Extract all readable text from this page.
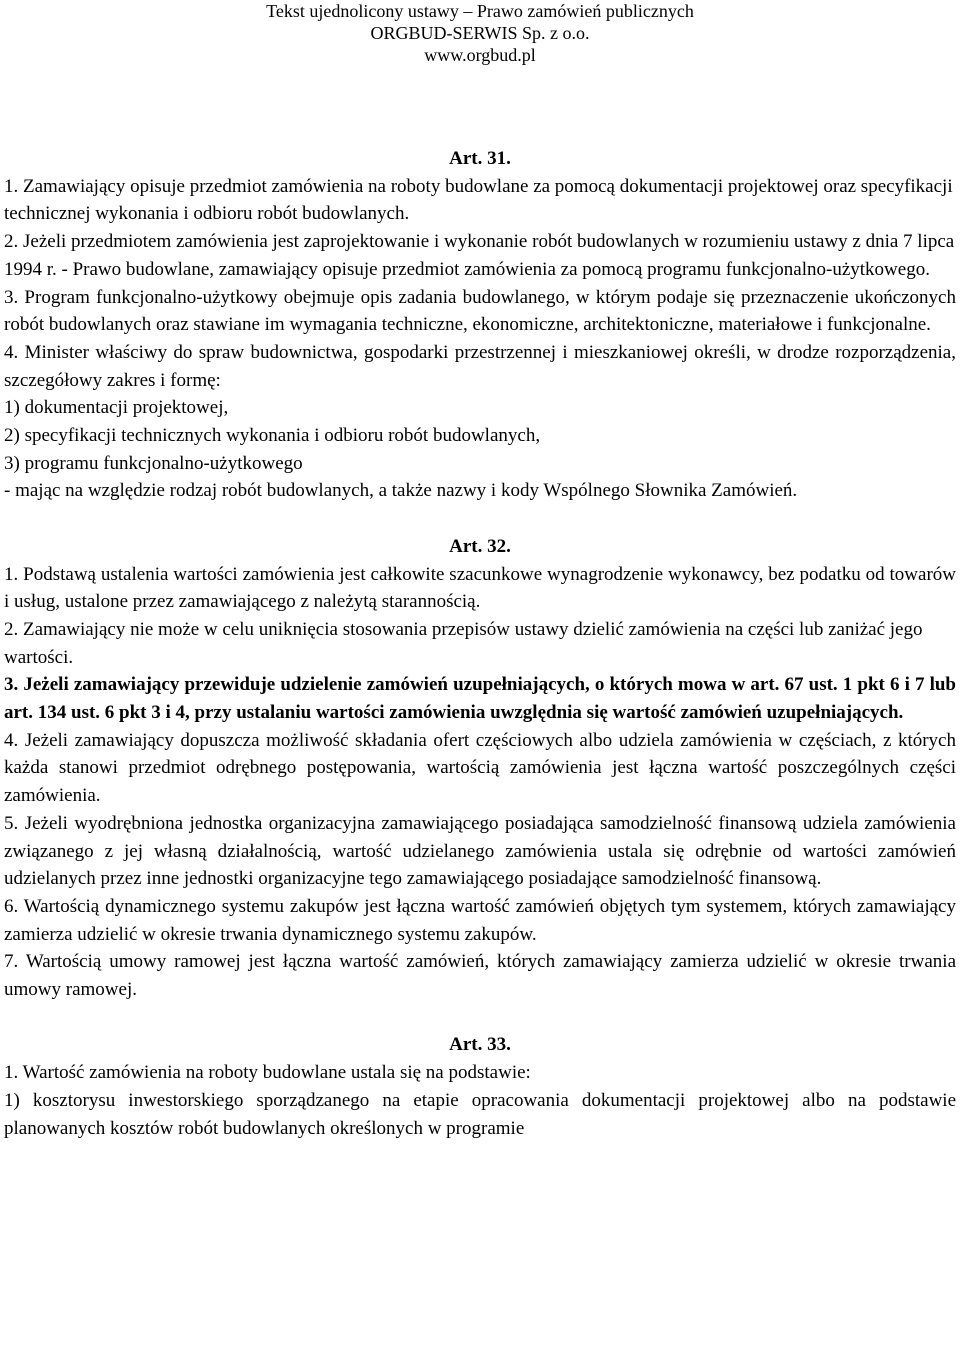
Tekst ujednolicony ustawy – Prawo zamówień publicznych
ORGBUD-SERWIS Sp. z o.o.
www.orgbud.pl

Art. 31.

1. Zamawiający opisuje przedmiot zamówienia na roboty budowlane za pomocą dokumentacji projektowej oraz specyfikacji technicznej wykonania i odbioru robót budowlanych.

2. Jeżeli przedmiotem zamówienia jest zaprojektowanie i wykonanie robót budowlanych w rozumieniu ustawy z dnia 7 lipca 1994 r. - Prawo budowlane, zamawiający opisuje przedmiot zamówienia za pomocą programu funkcjonalno-użytkowego.

3. Program funkcjonalno-użytkowy obejmuje opis zadania budowlanego, w którym podaje się przeznaczenie ukończonych robót budowlanych oraz stawiane im wymagania techniczne, ekonomiczne, architektoniczne, materiałowe i funkcjonalne.

4. Minister właściwy do spraw budownictwa, gospodarki przestrzennej i mieszkaniowej określi, w drodze rozporządzenia, szczegółowy zakres i formę:

1) dokumentacji projektowej,

2) specyfikacji technicznych wykonania i odbioru robót budowlanych,

3) programu funkcjonalno-użytkowego

- mając na względzie rodzaj robót budowlanych, a także nazwy i kody Wspólnego Słownika Zamówień.

Art. 32.

1. Podstawą ustalenia wartości zamówienia jest całkowite szacunkowe wynagrodzenie wykonawcy, bez podatku od towarów i usług, ustalone przez zamawiającego z należytą starannością.

2. Zamawiający nie może w celu uniknięcia stosowania przepisów ustawy dzielić zamówienia na części lub zaniżać jego wartości.

3. Jeżeli zamawiający przewiduje udzielenie zamówień uzupełniających, o których mowa w art. 67 ust. 1 pkt 6 i 7 lub art. 134 ust. 6 pkt 3 i 4, przy ustalaniu wartości zamówienia uwzględnia się wartość zamówień uzupełniających.

4. Jeżeli zamawiający dopuszcza możliwość składania ofert częściowych albo udziela zamówienia w częściach, z których każda stanowi przedmiot odrębnego postępowania, wartością zamówienia jest łączna wartość poszczególnych części zamówienia.

5. Jeżeli wyodrębniona jednostka organizacyjna zamawiającego posiadająca samodzielność finansową udziela zamówienia związanego z jej własną działalnością, wartość udzielanego zamówienia ustala się odrębnie od wartości zamówień udzielanych przez inne jednostki organizacyjne tego zamawiającego posiadające samodzielność finansową.

6. Wartością dynamicznego systemu zakupów jest łączna wartość zamówień objętych tym systemem, których zamawiający zamierza udzielić w okresie trwania dynamicznego systemu zakupów.

7. Wartością umowy ramowej jest łączna wartość zamówień, których zamawiający zamierza udzielić w okresie trwania umowy ramowej.

Art. 33.

1. Wartość zamówienia na roboty budowlane ustala się na podstawie:

1) kosztorysu inwestorskiego sporządzanego na etapie opracowania dokumentacji projektowej albo na podstawie planowanych kosztów robót budowlanych określonych w programie
